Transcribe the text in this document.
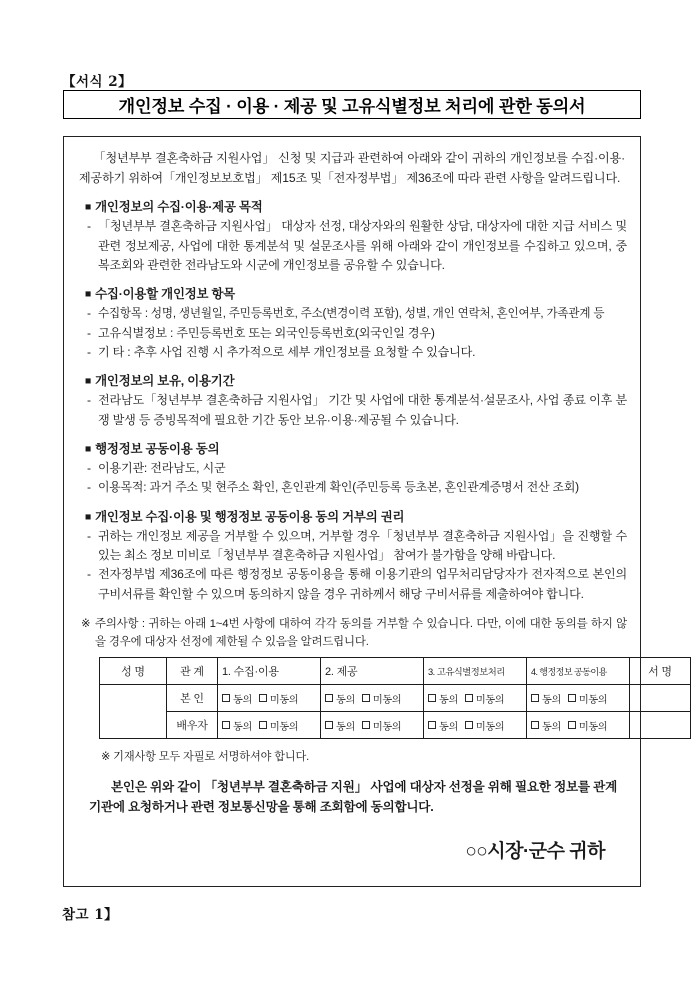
【서식 2】
개인정보 수집 · 이용 · 제공 및 고유식별정보 처리에 관한 동의서

「청년부부 결혼축하금 지원사업」 신청 및 지급과 관련하여 아래와 같이 귀하의 개인정보를 수집·이용·제공하기 위하여「개인정보보호법」 제15조 및「전자정부법」 제36조에 따라 관련 사항을 알려드립니다.

■ 개인정보의 수집·이용·제공 목적
- 「청년부부 결혼축하금 지원사업」 대상자 선정, 대상자와의 원활한 상담, 대상자에 대한 지급 서비스 및 관련 정보제공, 사업에 대한 통계분석 및 설문조사를 위해 아래와 같이 개인정보를 수집하고 있으며, 중복조회와 관련한 전라남도와 시군에 개인정보를 공유할 수 있습니다.
■ 수집·이용할 개인정보 항목
- 수집항목 : 성명, 생년월일, 주민등록번호, 주소(변경이력 포함), 성별, 개인 연락처, 혼인여부, 가족관계 등
- 고유식별정보 : 주민등록번호 또는 외국인등록번호(외국인일 경우)
- 기 타 : 추후 사업 진행 시 추가적으로 세부 개인정보를 요청할 수 있습니다.
■ 개인정보의 보유, 이용기간
- 전라남도「청년부부 결혼축하금 지원사업」 기간 및 사업에 대한 통계분석·설문조사, 사업 종료 이후 분쟁 발생 등 증빙목적에 필요한 기간 동안 보유·이용·제공될 수 있습니다.
■ 행정정보 공동이용 동의
- 이용기관: 전라남도, 시군
- 이용목적: 과거 주소 및 현주소 확인, 혼인관계 확인(주민등록 등초본, 혼인관계증명서 전산 조회)
■ 개인정보 수집·이용 및 행정정보 공동이용 동의 거부의 권리
- 귀하는 개인정보 제공을 거부할 수 있으며, 거부할 경우「청년부부 결혼축하금 지원사업」을 진행할 수 있는 최소 정보 미비로「청년부부 결혼축하금 지원사업」 참여가 불가함을 양해 바랍니다.
- 전자정부법 제36조에 따른 행정정보 공동이용을 통해 이용기관의 업무처리담당자가 전자적으로 본인의 구비서류를 확인할 수 있으며 동의하지 않을 경우 귀하께서 해당 구비서류를 제출하여야 합니다.
※ 주의사항 : 귀하는 아래 1~4번 사항에 대하여 각각 동의를 거부할 수 있습니다. 다만, 이에 대한 동의를 하지 않을 경우에 대상자 선정에 제한될 수 있음을 알려드립니다.
성 명	관 계	1. 수집·이용	2. 제공	3. 고유식별정보처리	4. 행정정보 공동이용	서 명
	본 인	동의 미동의	동의 미동의	동의 미동의	동의 미동의	

	배우자	동의 미동의	동의 미동의	동의 미동의	동의 미동의	

※ 기재사항 모두 자필로 서명하셔야 합니다.

본인은 위와 같이 「청년부부 결혼축하금 지원」 사업에 대상자 선정을 위해 필요한 정보를 관계기관에 요청하거나 관련 정보통신망을 통해 조회함에 동의합니다.

○○시장·군수 귀하
참고 1】
